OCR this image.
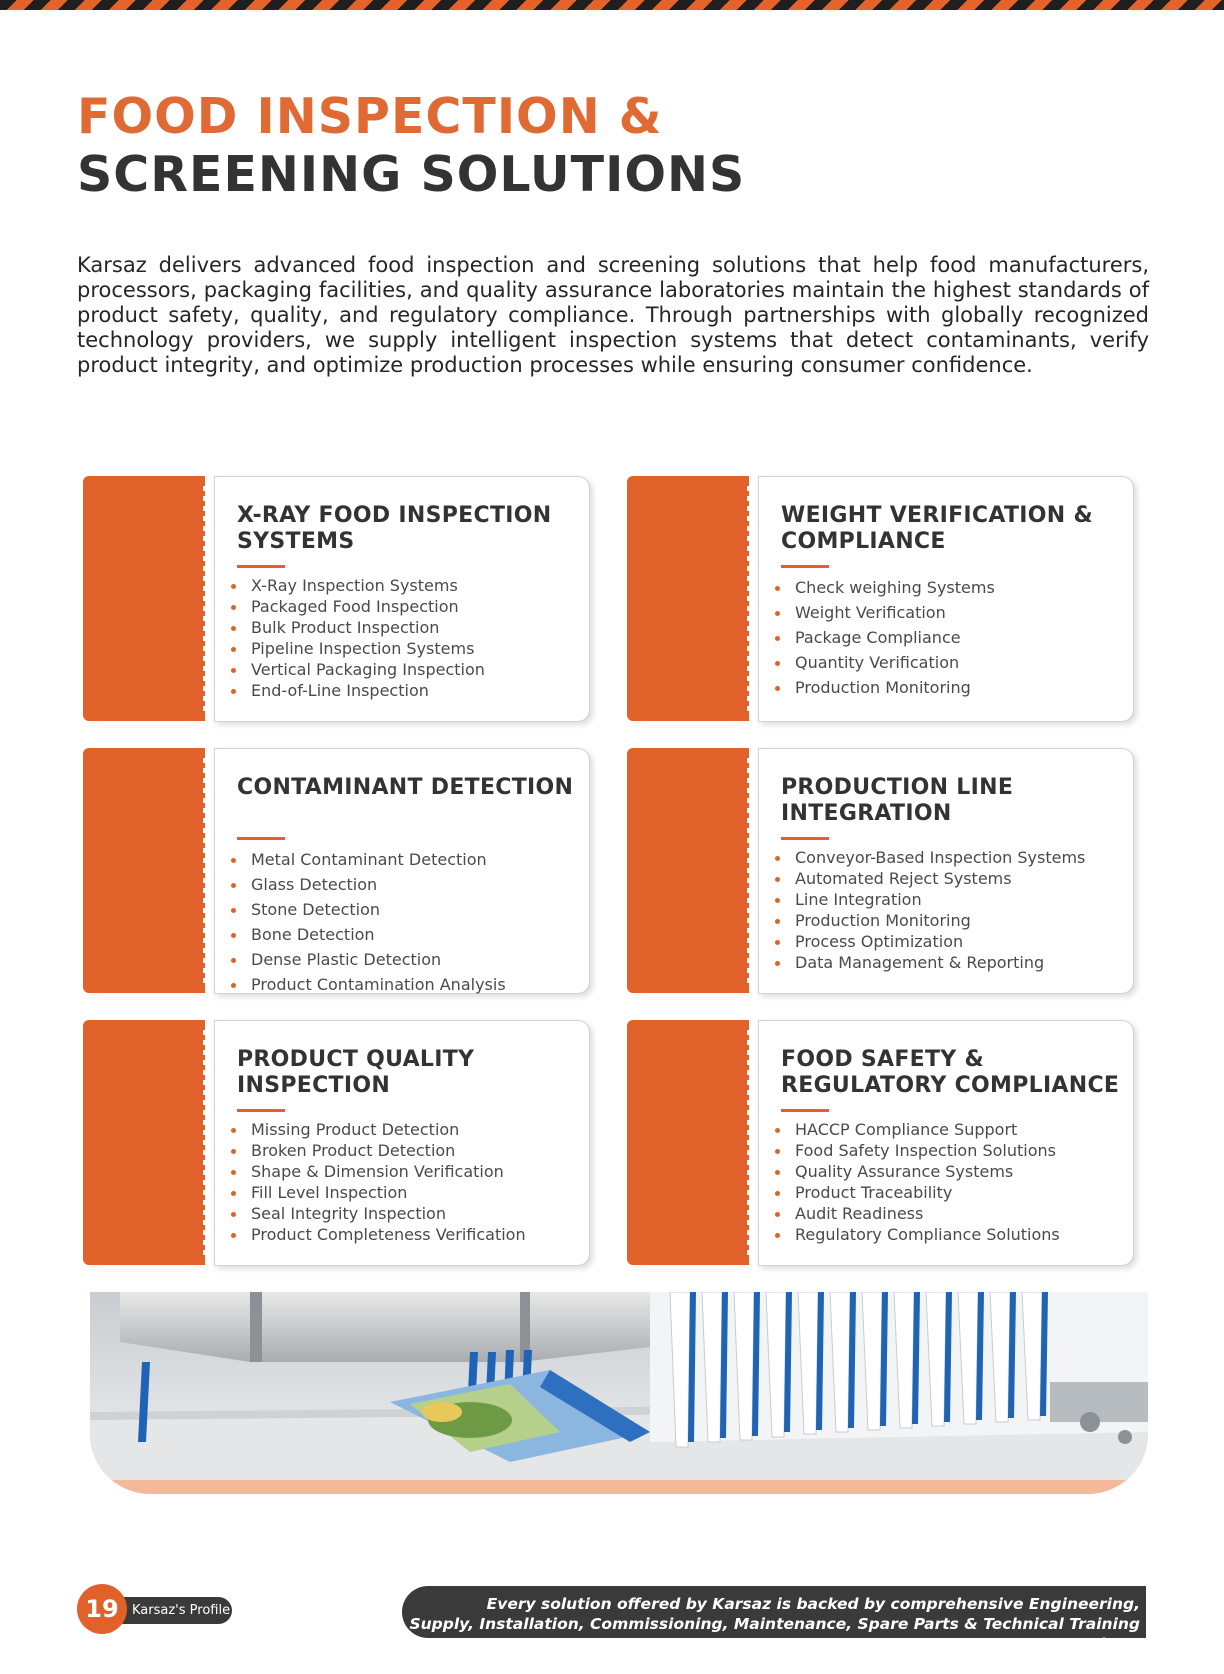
FOOD INSPECTION &
SCREENING SOLUTIONS

Karsaz delivers advanced food inspection and screening solutions that help food manufacturers, processors, packaging facilities, and quality assurance laboratories maintain the highest standards of product safety, quality, and regulatory compliance. Through partnerships with globally recognized technology providers, we supply intelligent inspection systems that detect contaminants, verify product integrity, and optimize production processes while ensuring consumer confidence.

X-RAY FOOD INSPECTION SYSTEMS
X-Ray Inspection Systems
Packaged Food Inspection
Bulk Product Inspection
Pipeline Inspection Systems
Vertical Packaging Inspection
End-of-Line Inspection
WEIGHT VERIFICATION & COMPLIANCE
Check weighing Systems
Weight Verification
Package Compliance
Quantity Verification
Production Monitoring
CONTAMINANT DETECTION
Metal Contaminant Detection
Glass Detection
Stone Detection
Bone Detection
Dense Plastic Detection
Product Contamination Analysis
PRODUCTION LINE INTEGRATION
Conveyor-Based Inspection Systems
Automated Reject Systems
Line Integration
Production Monitoring
Process Optimization
Data Management & Reporting
PRODUCT QUALITY INSPECTION
Missing Product Detection
Broken Product Detection
Shape & Dimension Verification
Fill Level Inspection
Seal Integrity Inspection
Product Completeness Verification
FOOD SAFETY & REGULATORY COMPLIANCE
HACCP Compliance Support
Food Safety Inspection Solutions
Quality Assurance Systems
Product Traceability
Audit Readiness
Regulatory Compliance Solutions
19	Karsaz's Profile	Every solution offered by Karsaz is backed by comprehensive Engineering,
Supply, Installation, Commissioning, Maintenance, Spare Parts & Technical Training services.
